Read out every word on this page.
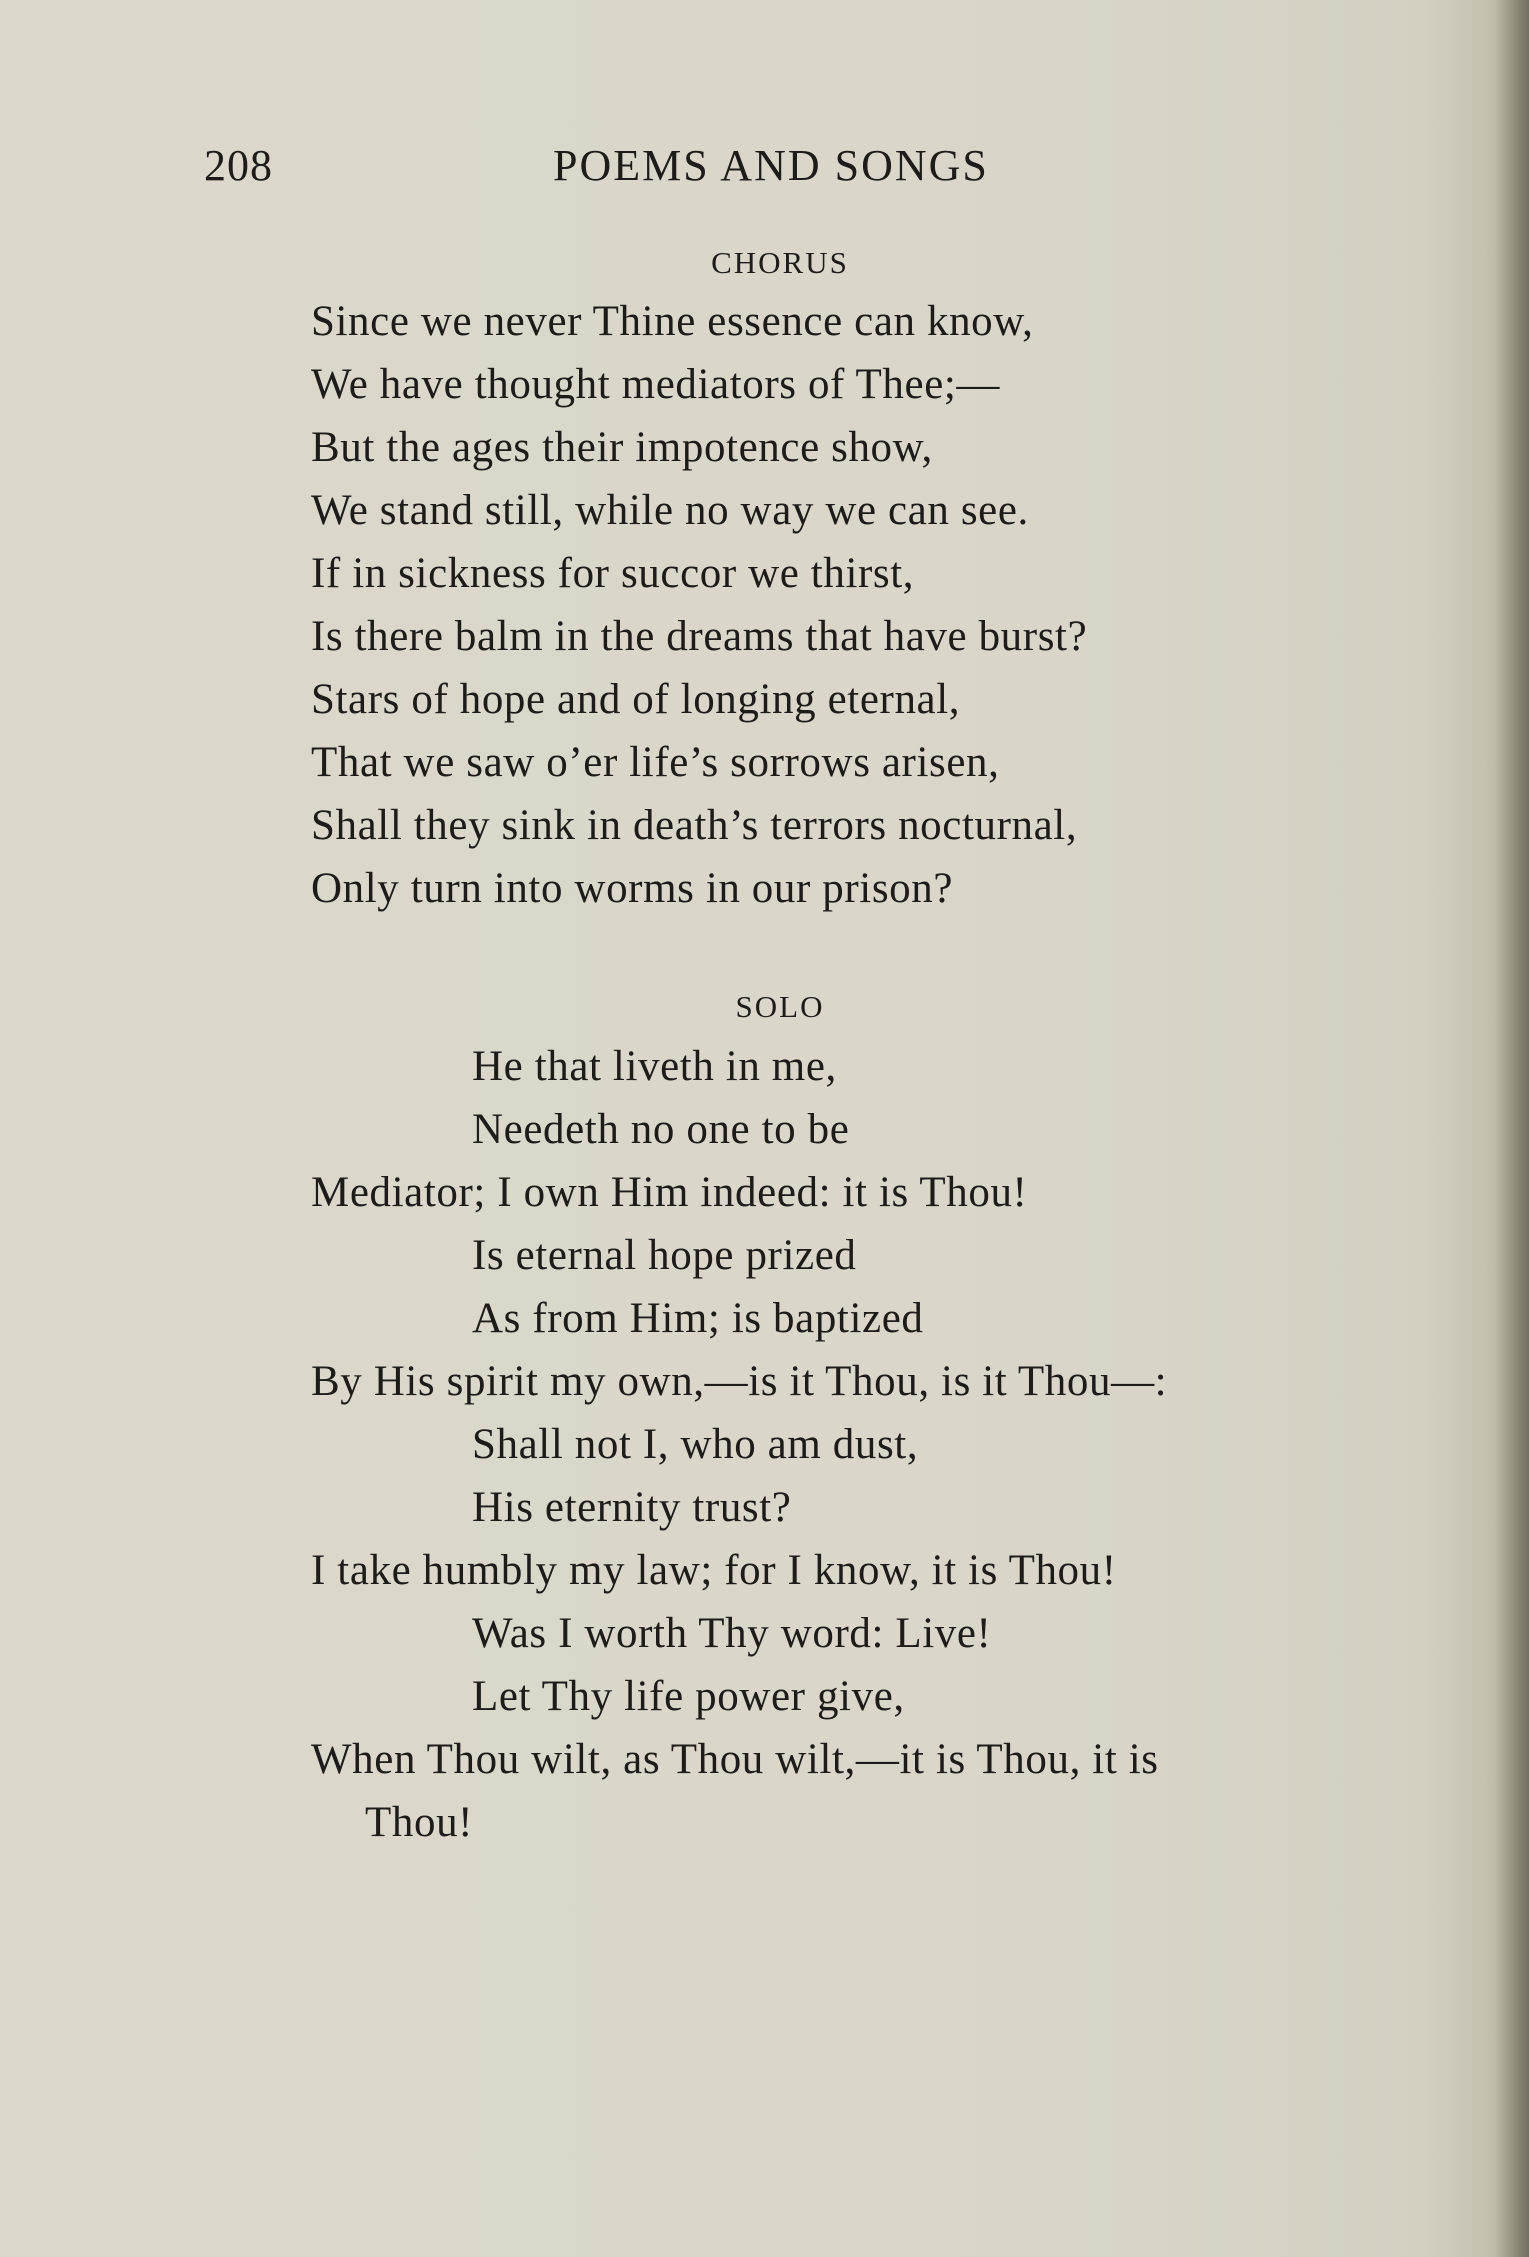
208	POEMS AND SONGS
CHORUS
Since we never Thine essence can know,
We have thought mediators of Thee;—
But the ages their impotence show,
We stand still, while no way we can see.
If in sickness for succor we thirst,
Is there balm in the dreams that have burst?
Stars of hope and of longing eternal,
That we saw o’er life’s sorrows arisen,
Shall they sink in death’s terrors nocturnal,
Only turn into worms in our prison?
SOLO
He that liveth in me,
Needeth no one to be
Mediator; I own Him indeed: it is Thou!
Is eternal hope prized
As from Him; is baptized
By His spirit my own,—is it Thou, is it Thou—:
Shall not I, who am dust,
His eternity trust?
I take humbly my law; for I know, it is Thou!
Was I worth Thy word: Live!
Let Thy life power give,
When Thou wilt, as Thou wilt,—it is Thou, it is
Thou!
